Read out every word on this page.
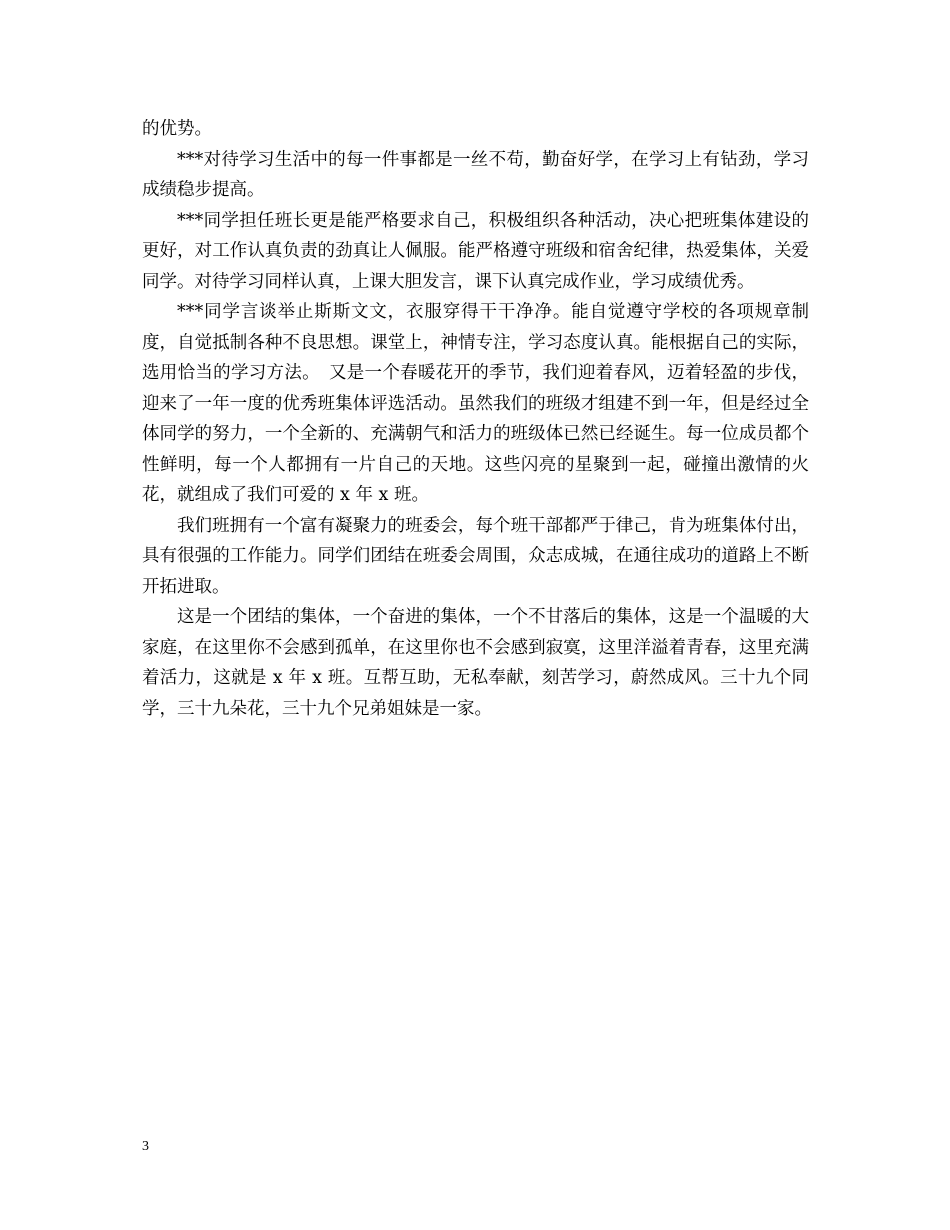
的优势。

***对待学习生活中的每一件事都是一丝不苟，勤奋好学，在学习上有钻劲，学习成绩稳步提高。

***同学担任班长更是能严格要求自己，积极组织各种活动，决心把班集体建设的更好，对工作认真负责的劲真让人佩服。能严格遵守班级和宿舍纪律，热爱集体，关爱同学。对待学习同样认真，上课大胆发言，课下认真完成作业，学习成绩优秀。

***同学言谈举止斯斯文文，衣服穿得干干净净。能自觉遵守学校的各项规章制度，自觉抵制各种不良思想。课堂上，神情专注，学习态度认真。能根据自己的实际，选用恰当的学习方法。　又是一个春暖花开的季节，我们迎着春风，迈着轻盈的步伐，迎来了一年一度的优秀班集体评选活动。虽然我们的班级才组建不到一年，但是经过全体同学的努力，一个全新的、充满朝气和活力的班级体已然已经诞生。每一位成员都个性鲜明，每一个人都拥有一片自己的天地。这些闪亮的星聚到一起，碰撞出激情的火花，就组成了我们可爱的 x 年 x 班。

我们班拥有一个富有凝聚力的班委会，每个班干部都严于律己，肯为班集体付出，具有很强的工作能力。同学们团结在班委会周围，众志成城，在通往成功的道路上不断开拓进取。

这是一个团结的集体，一个奋进的集体，一个不甘落后的集体，这是一个温暖的大家庭，在这里你不会感到孤单，在这里你也不会感到寂寞，这里洋溢着青春，这里充满着活力，这就是 x 年 x 班。互帮互助，无私奉献，刻苦学习，蔚然成风。三十九个同学，三十九朵花，三十九个兄弟姐妹是一家。

3
